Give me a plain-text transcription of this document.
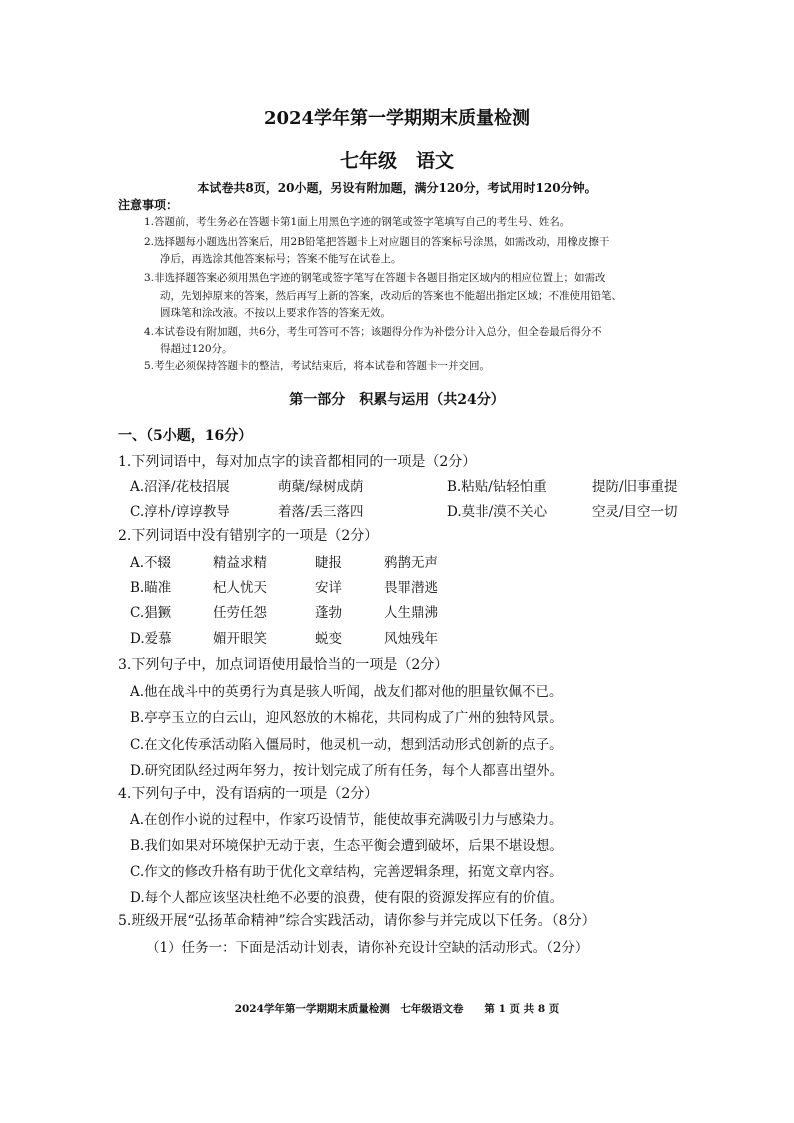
2024学年第一学期期末质量检测
七年级　语文
本试卷共8页，20小题，另设有附加题，满分120分，考试用时120分钟。
注意事项：
1.答题前，考生务必在答题卡第1面上用黑色字迹的钢笔或签字笔填写自己的考生号、姓名。
2.选择题每小题选出答案后，用2B铅笔把答题卡上对应题目的答案标号涂黑，如需改动，用橡皮擦干
净后，再选涂其他答案标号；答案不能写在试卷上。
3.非选择题答案必须用黑色字迹的钢笔或签字笔写在答题卡各题目指定区域内的相应位置上；如需改
动，先划掉原来的答案，然后再写上新的答案，改动后的答案也不能超出指定区域；不准使用铅笔、
圆珠笔和涂改液。不按以上要求作答的答案无效。
4.本试卷设有附加题，共6分，考生可答可不答；该题得分作为补偿分计入总分，但全卷最后得分不
得超过120分。
5.考生必须保持答题卡的整洁，考试结束后，将本试卷和答题卡一并交回。
第一部分　积累与运用（共24分）
一、（5小题，16分）
1.下列词语中，每对加点字的读音都相同的一项是（2分）
A.沼泽/花枝招展	萌蘖/绿树成荫	B.粘贴/钻轻怕重	提防/旧事重提
C.淳朴/谆谆教导	着落/丢三落四	D.莫非/漠不关心	空灵/目空一切
2.下列词语中没有错别字的一项是（2分）
A.不辍	精益求精	睫报	鸦鹊无声
B.瞄准	杞人忧天	安详	畏罪潜逃
C.猖獗	任劳任怨	蓬勃	人生鼎沸
D.爱慕	媚开眼笑	蜕变	风烛残年
3.下列句子中，加点词语使用最恰当的一项是（2分）
A.他在战斗中的英勇行为真是骇人听闻，战友们都对他的胆量钦佩不已。
B.亭亭玉立的白云山，迎风怒放的木棉花，共同构成了广州的独特风景。
C.在文化传承活动陷入僵局时，他灵机一动，想到活动形式创新的点子。
D.研究团队经过两年努力，按计划完成了所有任务，每个人都喜出望外。
4.下列句子中，没有语病的一项是（2分）
A.在创作小说的过程中，作家巧设情节，能使故事充满吸引力与感染力。
B.我们如果对环境保护无动于衷，生态平衡会遭到破坏，后果不堪设想。
C.作文的修改升格有助于优化文章结构，完善逻辑条理，拓宽文章内容。
D.每个人都应该坚决杜绝不必要的浪费，使有限的资源发挥应有的价值。
5.班级开展“弘扬革命精神”综合实践活动，请你参与并完成以下任务。（8分）
（1）任务一：下面是活动计划表，请你补充设计空缺的活动形式。（2分）
2024学年第一学期期末质量检测　七年级语文卷　　第 1 页 共 8 页
